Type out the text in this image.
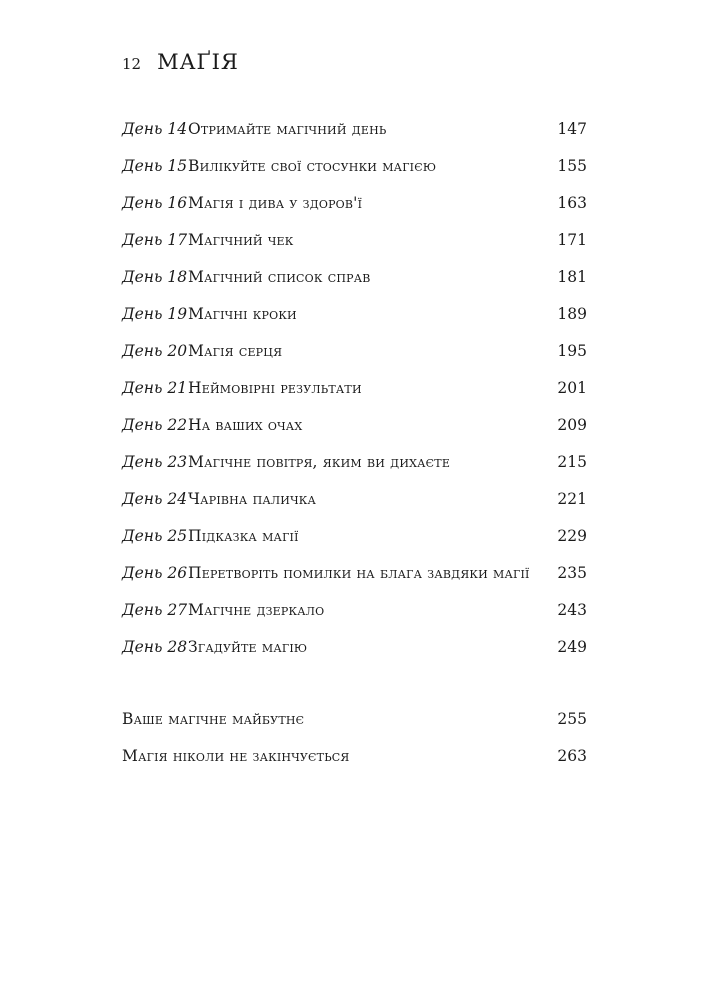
12 МАҐІЯ
День 14 Отримайте магічний день	147
День 15 Вилікуйте свої стосунки магією	155
День 16 Магія і дива у здоров'ї	163
День 17 Магічний чек	171
День 18 Магічний список справ	181
День 19 Магічні кроки	189
День 20 Магія серця	195
День 21 Неймовірні результати	201
День 22 На ваших очах	209
День 23 Магічне повітря, яким ви дихаєте	215
День 24 Чарівна паличка	221
День 25 Підказка магії	229
День 26 Перетворіть помилки на блага завдяки магії 235
День 27 Магічне дзеркало	243
День 28 Згадуйте магію	249
Ваше магічне майбутнє	255
Магія ніколи не закінчується	263
